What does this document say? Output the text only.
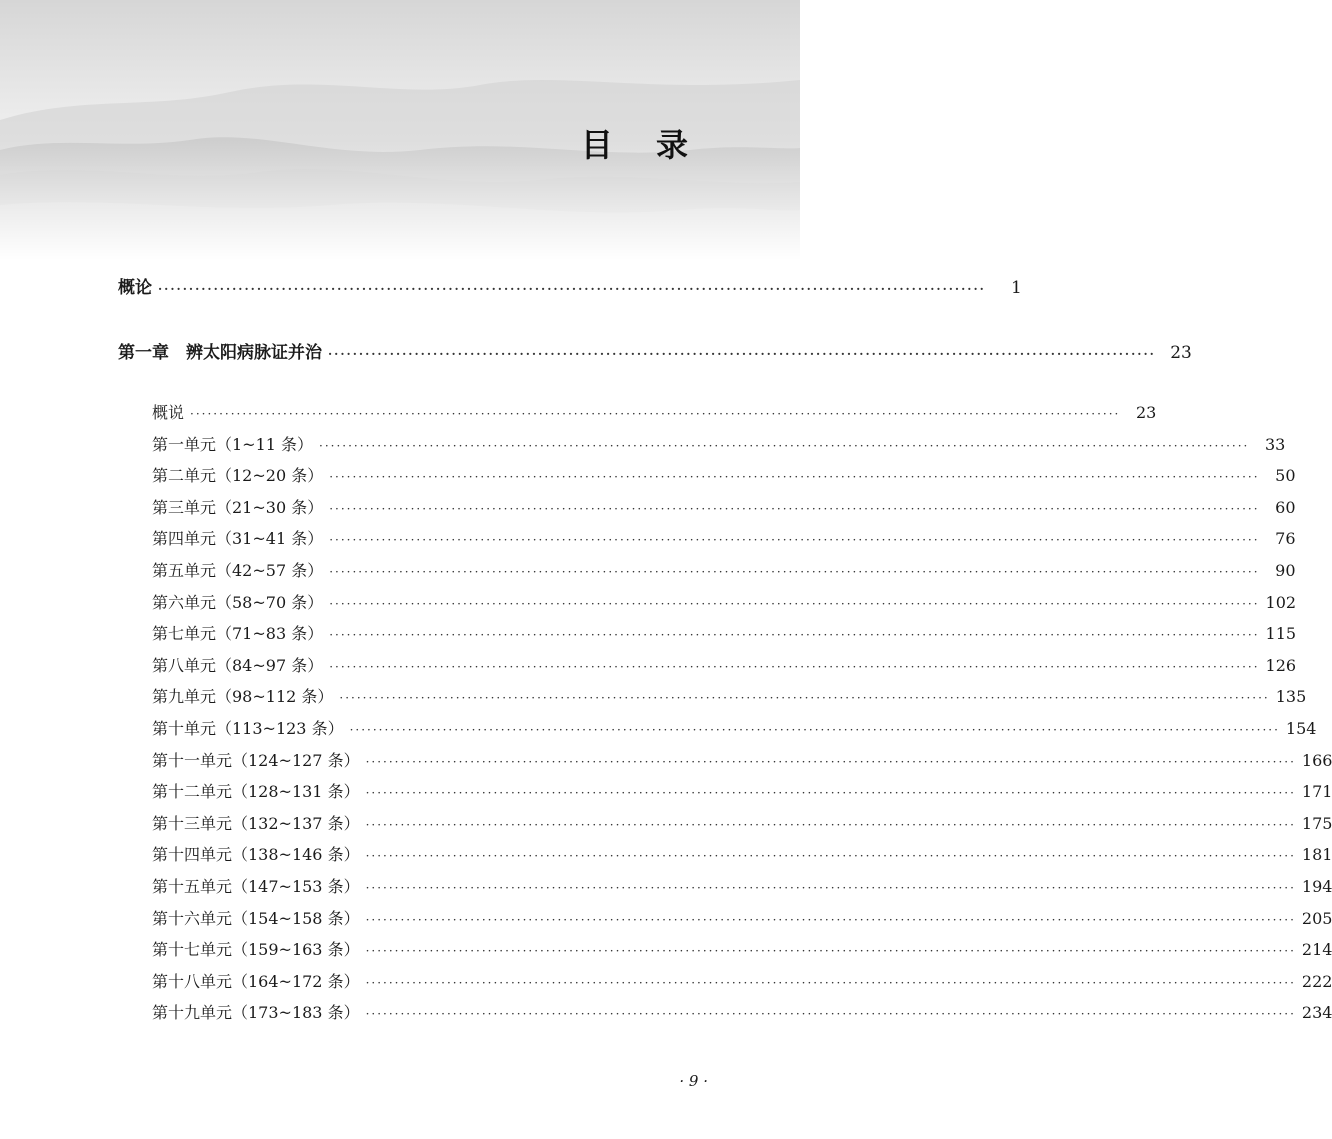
目 录
概论 ······································································································································	1
第一章　辨太阳病脉证并治 ······································································································································ 23
概说 ································································································································································ 23
第一单元（1~11 条） ································································································································································ 33
第二单元（12~20 条） ································································································································································ 50
第三单元（21~30 条） ································································································································································ 60
第四单元（31~41 条） ································································································································································ 76
第五单元（42~57 条） ································································································································································ 90
第六单元（58~70 条） ································································································································································ 102
第七单元（71~83 条） ································································································································································ 115
第八单元（84~97 条） ································································································································································ 126
第九单元（98~112 条） ································································································································································ 135
第十单元（113~123 条） ································································································································································ 154
第十一单元（124~127 条） ································································································································································ 166
第十二单元（128~131 条） ································································································································································ 171
第十三单元（132~137 条） ································································································································································ 175
第十四单元（138~146 条） ································································································································································ 181
第十五单元（147~153 条） ································································································································································ 194
第十六单元（154~158 条） ································································································································································ 205
第十七单元（159~163 条） ································································································································································ 214
第十八单元（164~172 条） ································································································································································ 222
第十九单元（173~183 条） ································································································································································ 234
· 9 ·
